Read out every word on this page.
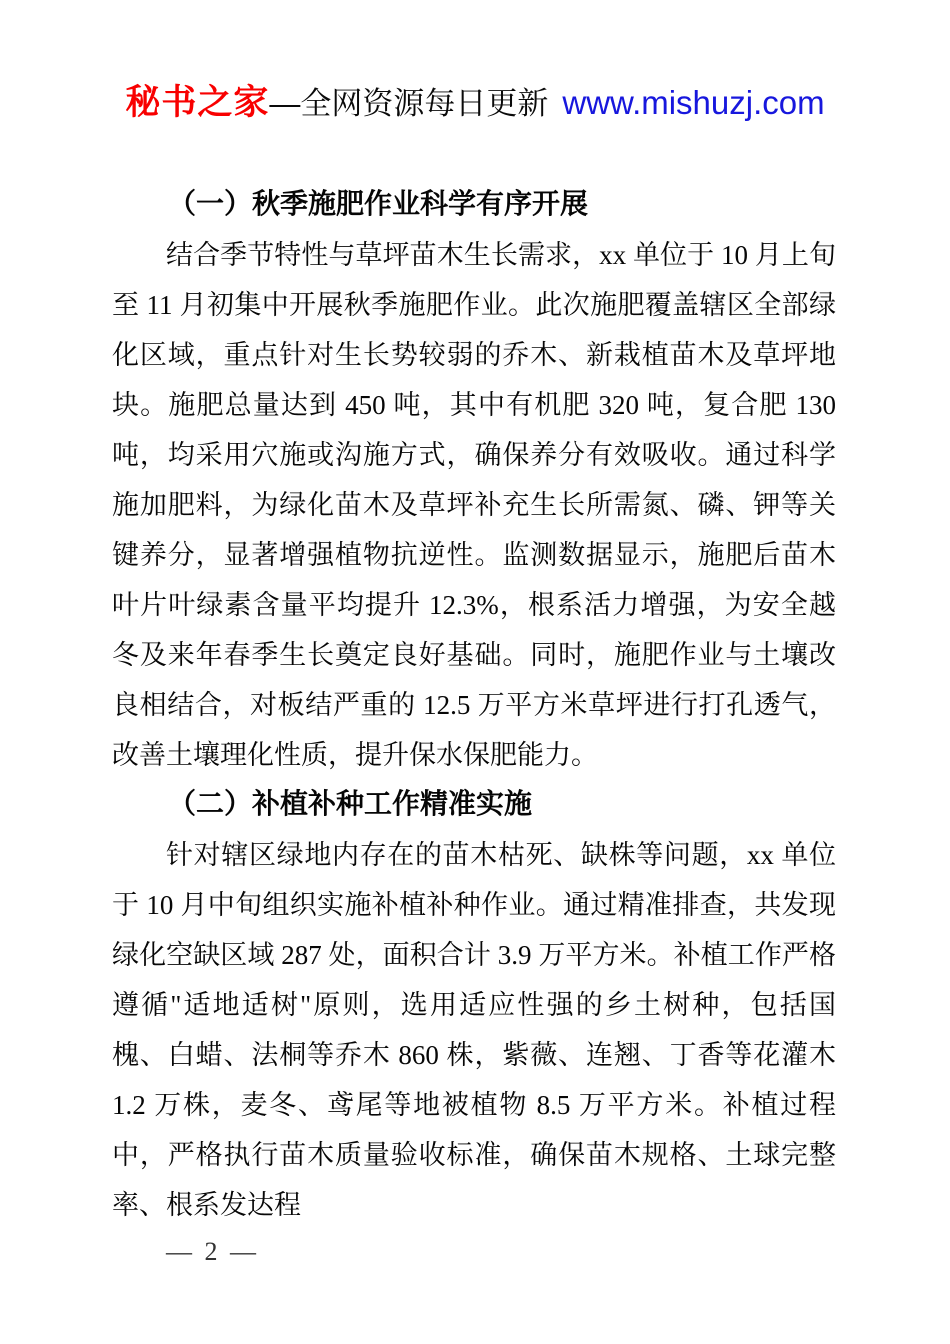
秘书之家—全网资源每日更新 www.mishuzj.com
（一）秋季施肥作业科学有序开展

结合季节特性与草坪苗木生长需求，xx 单位于 10 月上旬至 11 月初集中开展秋季施肥作业。此次施肥覆盖辖区全部绿化区域，重点针对生长势较弱的乔木、新栽植苗木及草坪地块。施肥总量达到 450 吨，其中有机肥 320 吨，复合肥 130 吨，均采用穴施或沟施方式，确保养分有效吸收。通过科学施加肥料，为绿化苗木及草坪补充生长所需氮、磷、钾等关键养分，显著增强植物抗逆性。监测数据显示，施肥后苗木叶片叶绿素含量平均提升 12.3%，根系活力增强，为安全越冬及来年春季生长奠定良好基础。同时，施肥作业与土壤改良相结合，对板结严重的 12.5 万平方米草坪进行打孔透气，改善土壤理化性质，提升保水保肥能力。

（二）补植补种工作精准实施

针对辖区绿地内存在的苗木枯死、缺株等问题，xx 单位于 10 月中旬组织实施补植补种作业。通过精准排查，共发现绿化空缺区域 287 处，面积合计 3.9 万平方米。补植工作严格遵循"适地适树"原则，选用适应性强的乡土树种，包括国槐、白蜡、法桐等乔木 860 株，紫薇、连翘、丁香等花灌木 1.2 万株，麦冬、鸢尾等地被植物 8.5 万平方米。补植过程中，严格执行苗木质量验收标准，确保苗木规格、土球完整率、根系发达程

— 2 —
